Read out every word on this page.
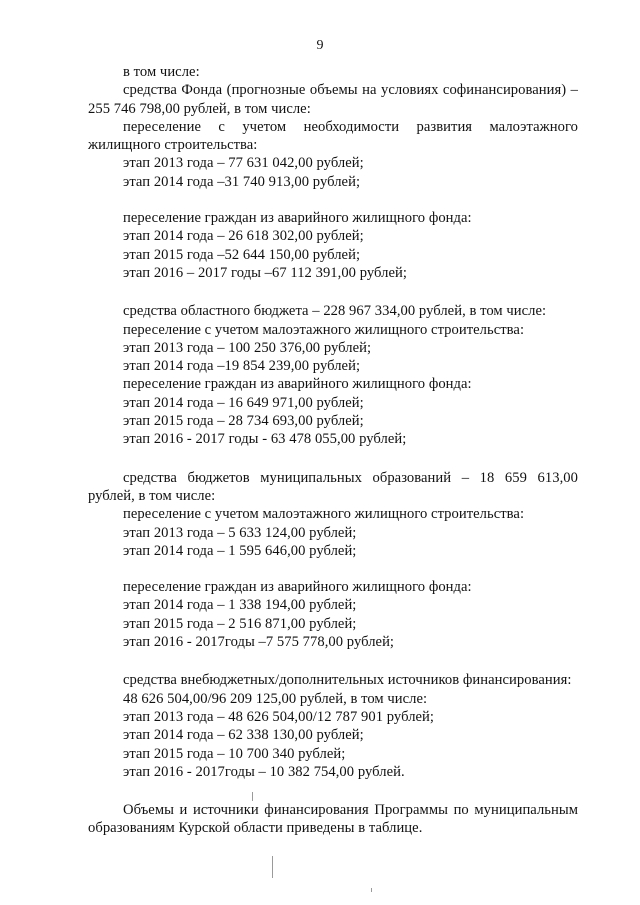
9

в том числе:

средства Фонда (прогнозные объемы на условиях софинансирования) –255 746 798,00 рублей, в том числе:

переселение с учетом необходимости развития малоэтажного жилищного строительства:

этап 2013 года – 77 631 042,00 рублей;

этап 2014 года –31 740 913,00 рублей;

переселение граждан из аварийного жилищного фонда:

этап 2014 года – 26 618 302,00 рублей;

этап 2015 года –52 644 150,00 рублей;

этап 2016 – 2017 годы –67 112 391,00 рублей;

средства областного бюджета – 228 967 334,00 рублей, в том числе:

переселение с учетом малоэтажного жилищного строительства:

этап 2013 года – 100 250 376,00 рублей;

этап 2014 года –19 854 239,00 рублей;

переселение граждан из аварийного жилищного фонда:

этап 2014 года – 16 649 971,00 рублей;

этап 2015 года – 28 734 693,00 рублей;

этап 2016 - 2017 годы - 63 478 055,00 рублей;

средства бюджетов муниципальных образований – 18 659 613,00 рублей, в том числе:

переселение с учетом малоэтажного жилищного строительства:

этап 2013 года – 5 633 124,00 рублей;

этап 2014 года – 1 595 646,00 рублей;

переселение граждан из аварийного жилищного фонда:

этап 2014 года – 1 338 194,00 рублей;

этап 2015 года – 2 516 871,00 рублей;

этап 2016 - 2017годы –7 575 778,00 рублей;

средства внебюджетных/дополнительных источников финансирования:

48 626 504,00/96 209 125,00 рублей, в том числе:

этап 2013 года – 48 626 504,00/12 787 901 рублей;

этап 2014 года – 62 338 130,00 рублей;

этап 2015 года – 10 700 340 рублей;

этап 2016 - 2017годы – 10 382 754,00 рублей.

Объемы и источники финансирования Программы по муниципальным образованиям Курской области приведены в таблице.
